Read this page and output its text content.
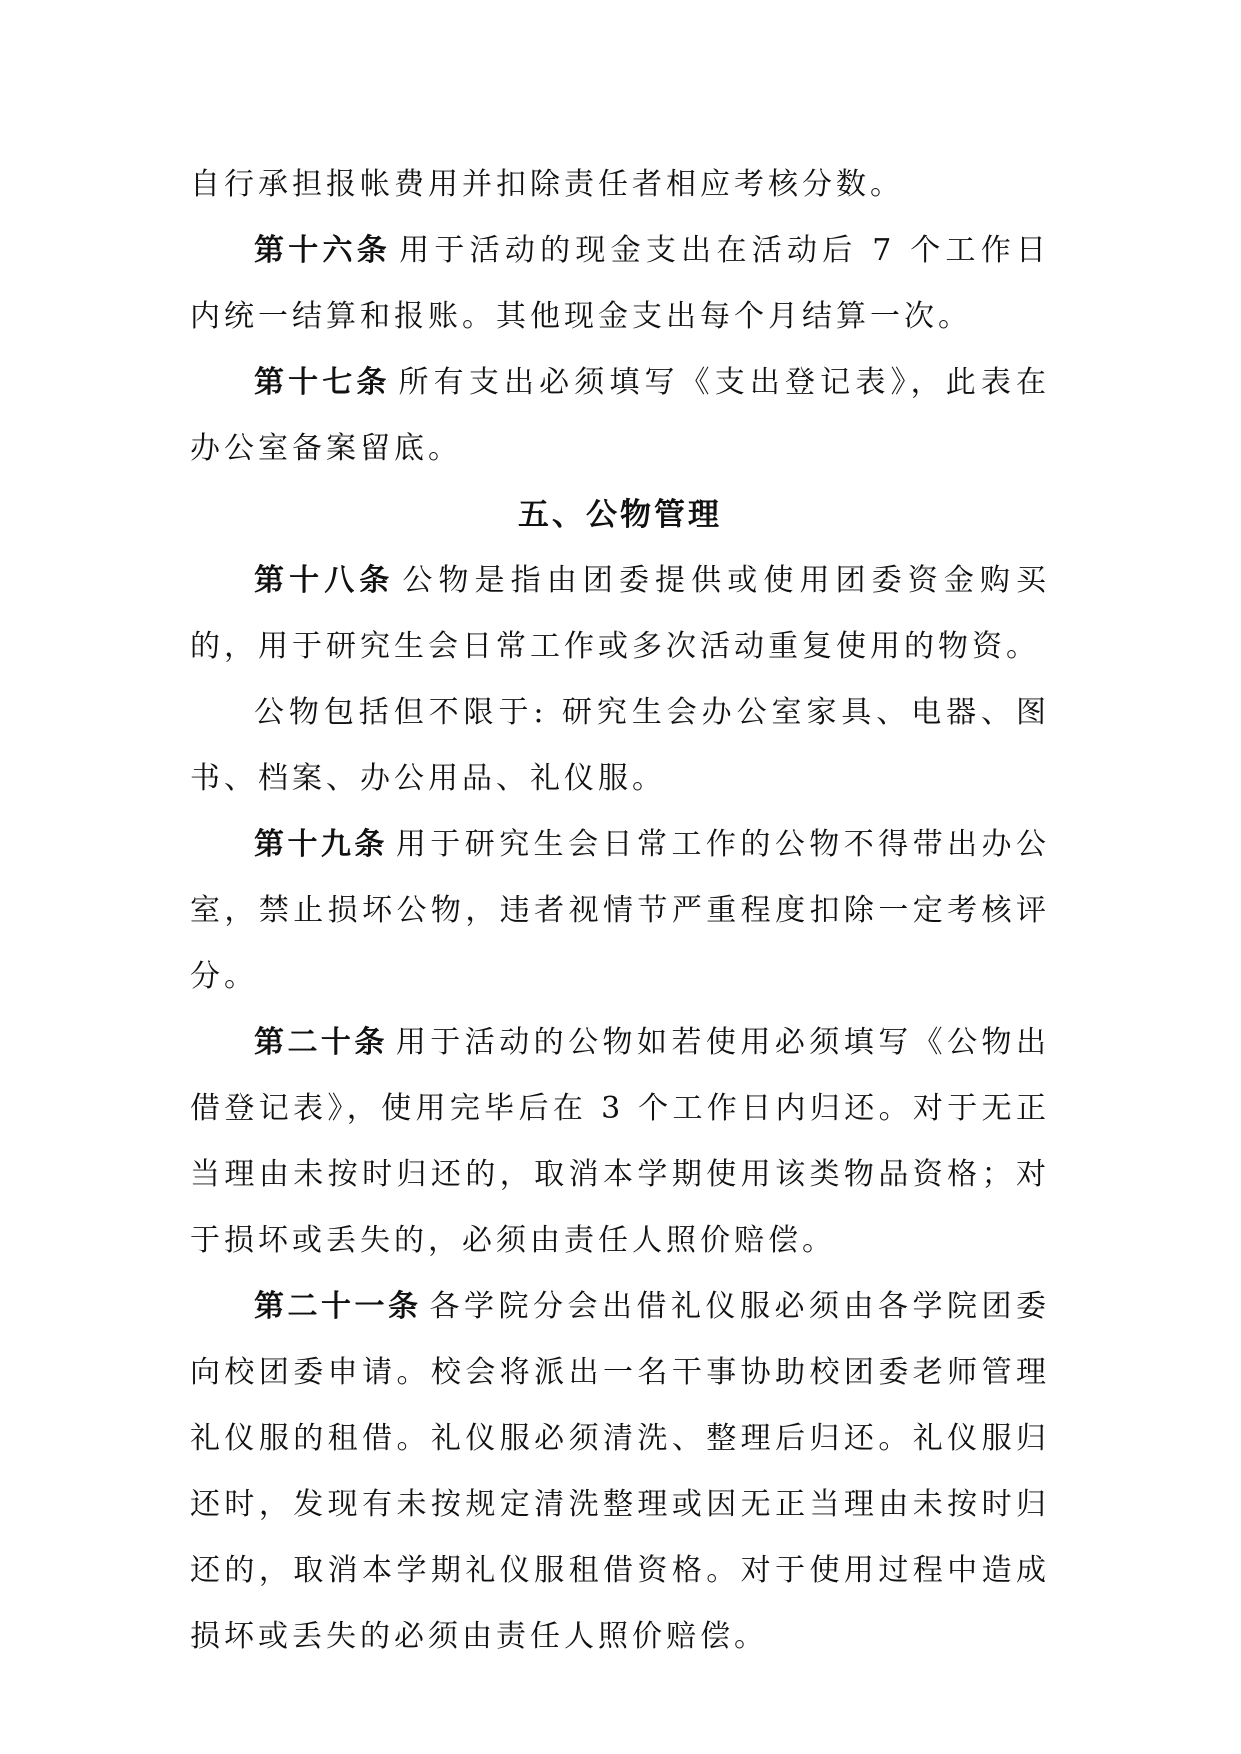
自行承担报帐费用并扣除责任者相应考核分数。

第十六条 用于活动的现金支出在活动后 7 个工作日内统一结算和报账。其他现金支出每个月结算一次。

第十七条 所有支出必须填写《支出登记表》，此表在办公室备案留底。

五、公物管理

第十八条 公物是指由团委提供或使用团委资金购买的，用于研究生会日常工作或多次活动重复使用的物资。

公物包括但不限于: 研究生会办公室家具、电器、图书、档案、办公用品、礼仪服。

第十九条 用于研究生会日常工作的公物不得带出办公室，禁止损坏公物，违者视情节严重程度扣除一定考核评分。

第二十条 用于活动的公物如若使用必须填写《公物出借登记表》，使用完毕后在 3 个工作日内归还。对于无正当理由未按时归还的，取消本学期使用该类物品资格；对于损坏或丢失的，必须由责任人照价赔偿。

第二十一条 各学院分会出借礼仪服必须由各学院团委向校团委申请。校会将派出一名干事协助校团委老师管理礼仪服的租借。礼仪服必须清洗、整理后归还。礼仪服归还时，发现有未按规定清洗整理或因无正当理由未按时归还的，取消本学期礼仪服租借资格。对于使用过程中造成损坏或丢失的必须由责任人照价赔偿。
